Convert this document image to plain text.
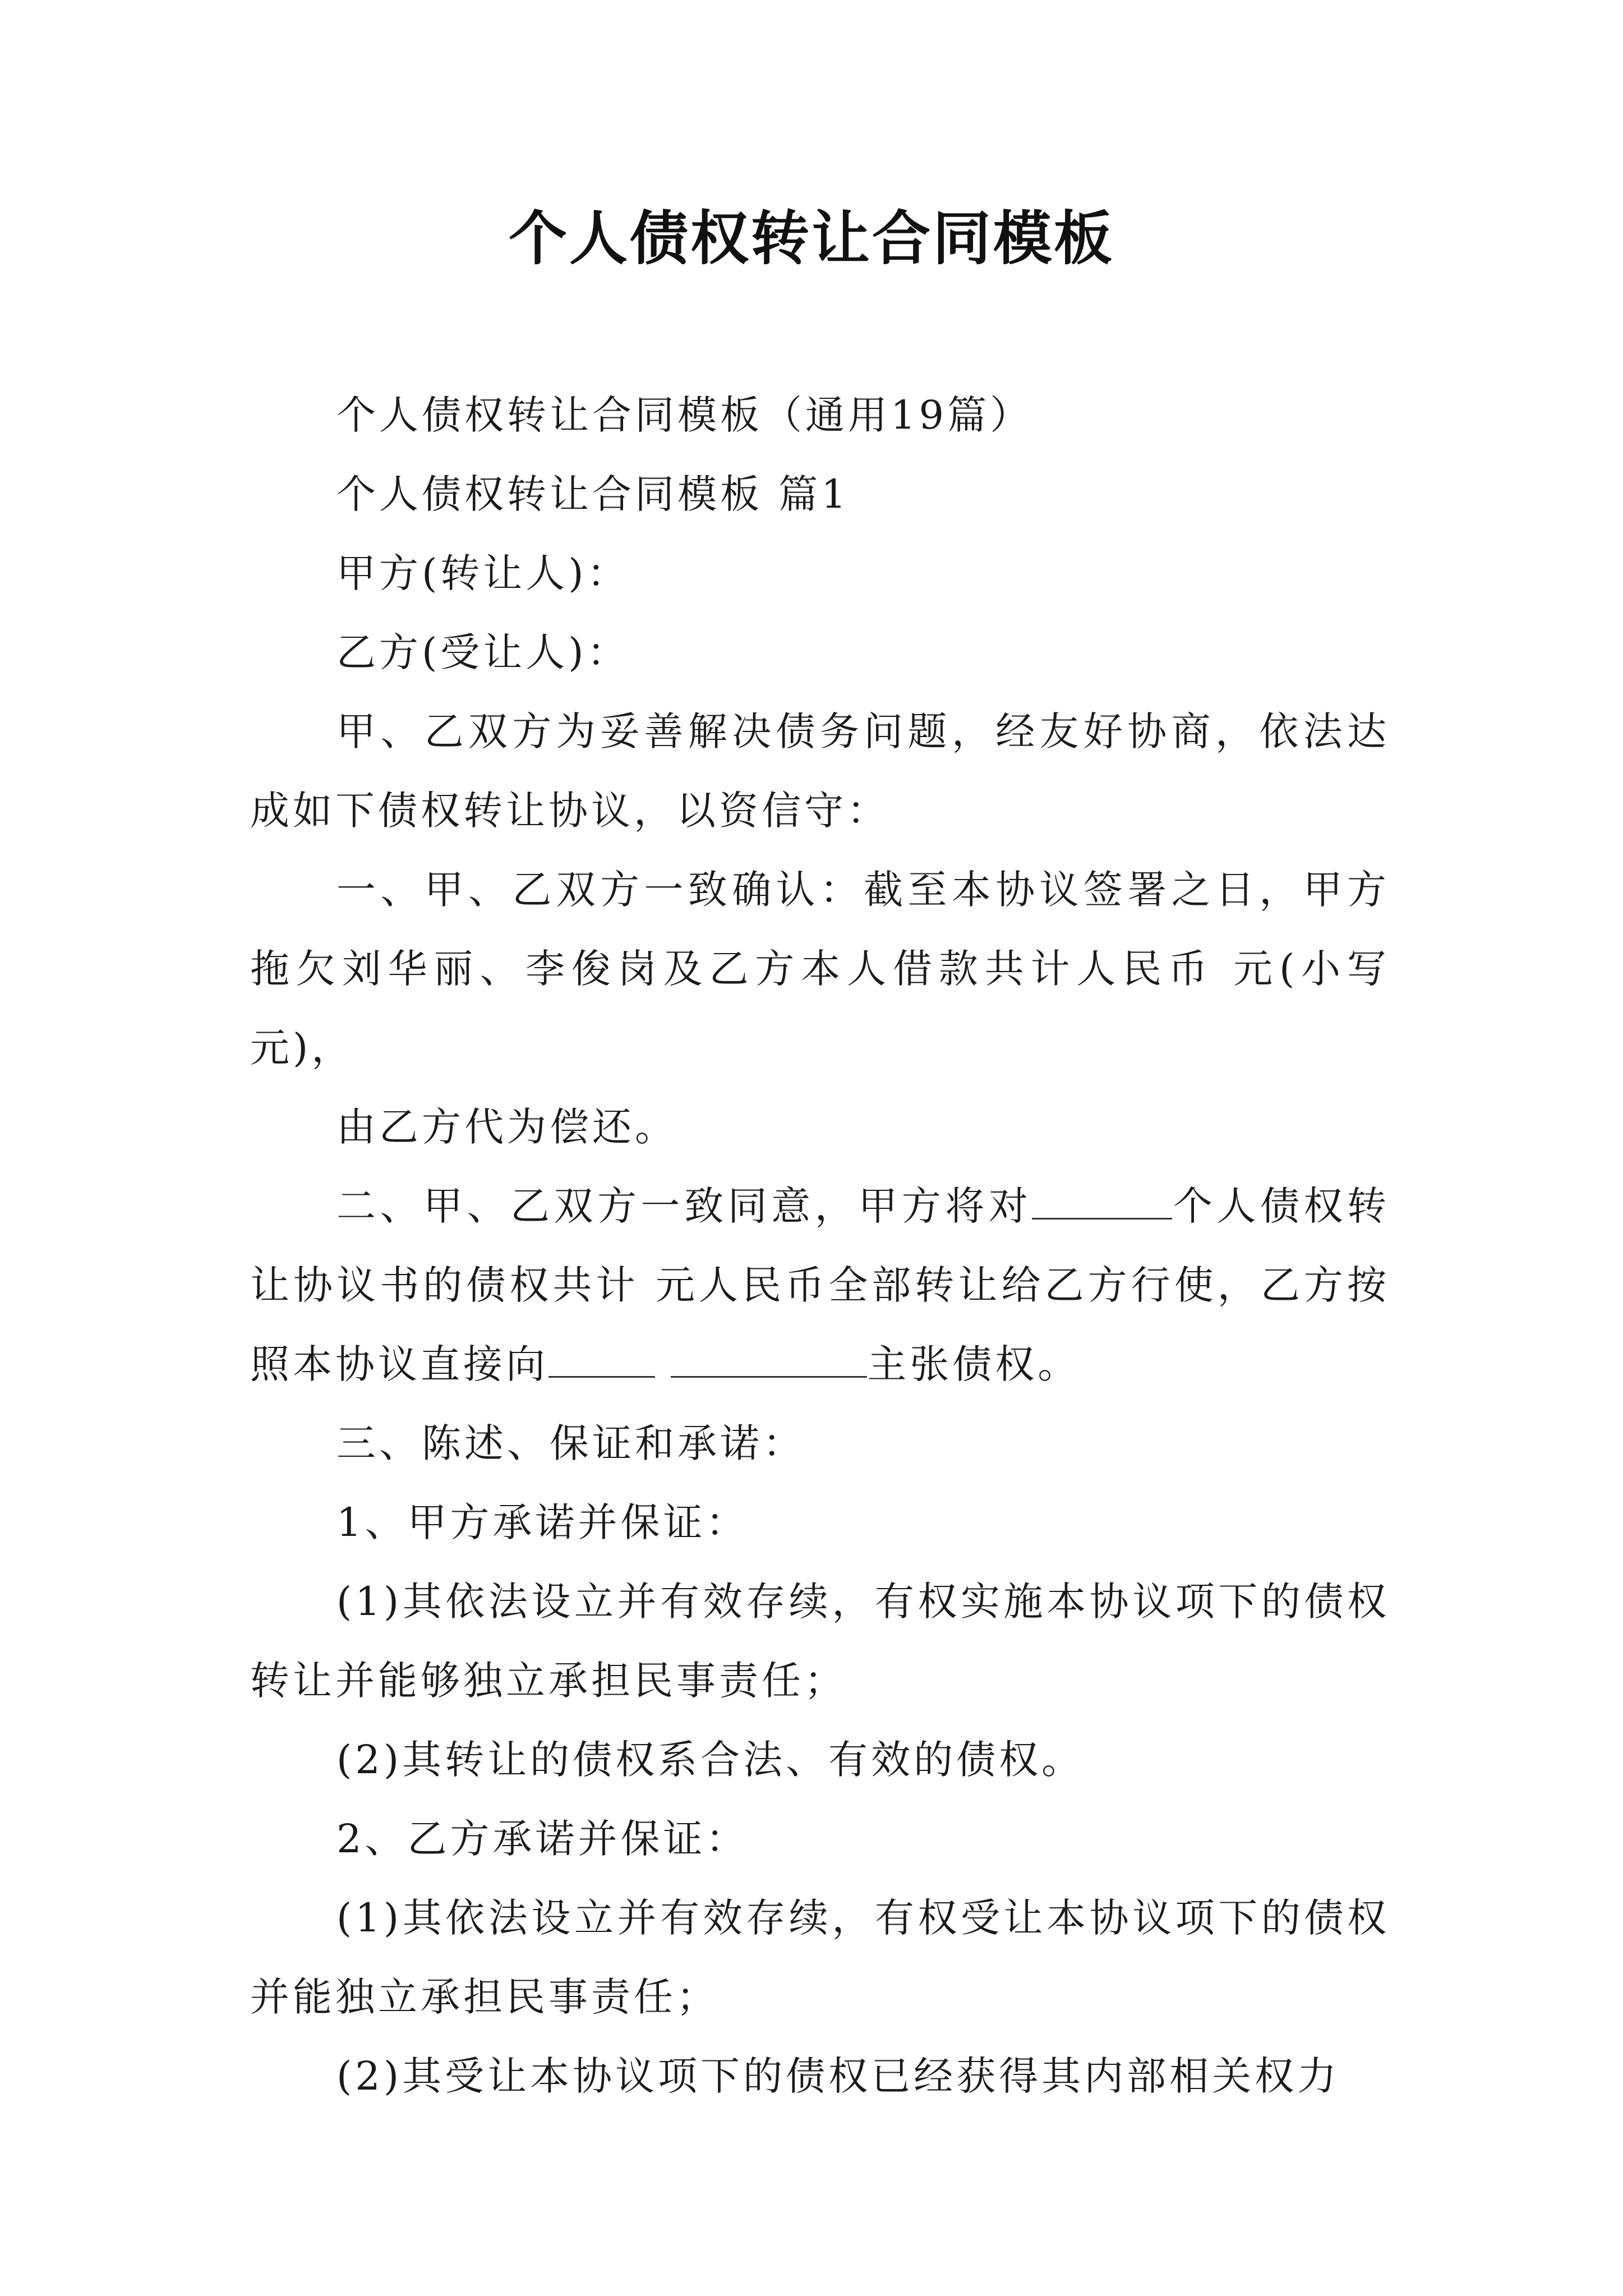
个人债权转让合同模板

个人债权转让合同模板（通用19篇）

个人债权转让合同模板 篇1

甲方(转让人)：

乙方(受让人)：

甲、乙双方为妥善解决债务问题，经友好协商，依法达成如下债权转让协议，以资信守：

一、甲、乙双方一致确认：截至本协议签署之日，甲方拖欠刘华丽、李俊岗及乙方本人借款共计人民币 元(小写 元)，

由乙方代为偿还。

二、甲、乙双方一致同意，甲方将对	个人债权转让协议书的债权共计 元人民币全部转让给乙方行使，乙方按照本协议直接向	主张债权。

三、陈述、保证和承诺：

1、甲方承诺并保证：

(1)其依法设立并有效存续，有权实施本协议项下的债权转让并能够独立承担民事责任；

(2)其转让的债权系合法、有效的债权。

2、乙方承诺并保证：

(1)其依法设立并有效存续，有权受让本协议项下的债权并能独立承担民事责任；

(2)其受让本协议项下的债权已经获得其内部相关权力
